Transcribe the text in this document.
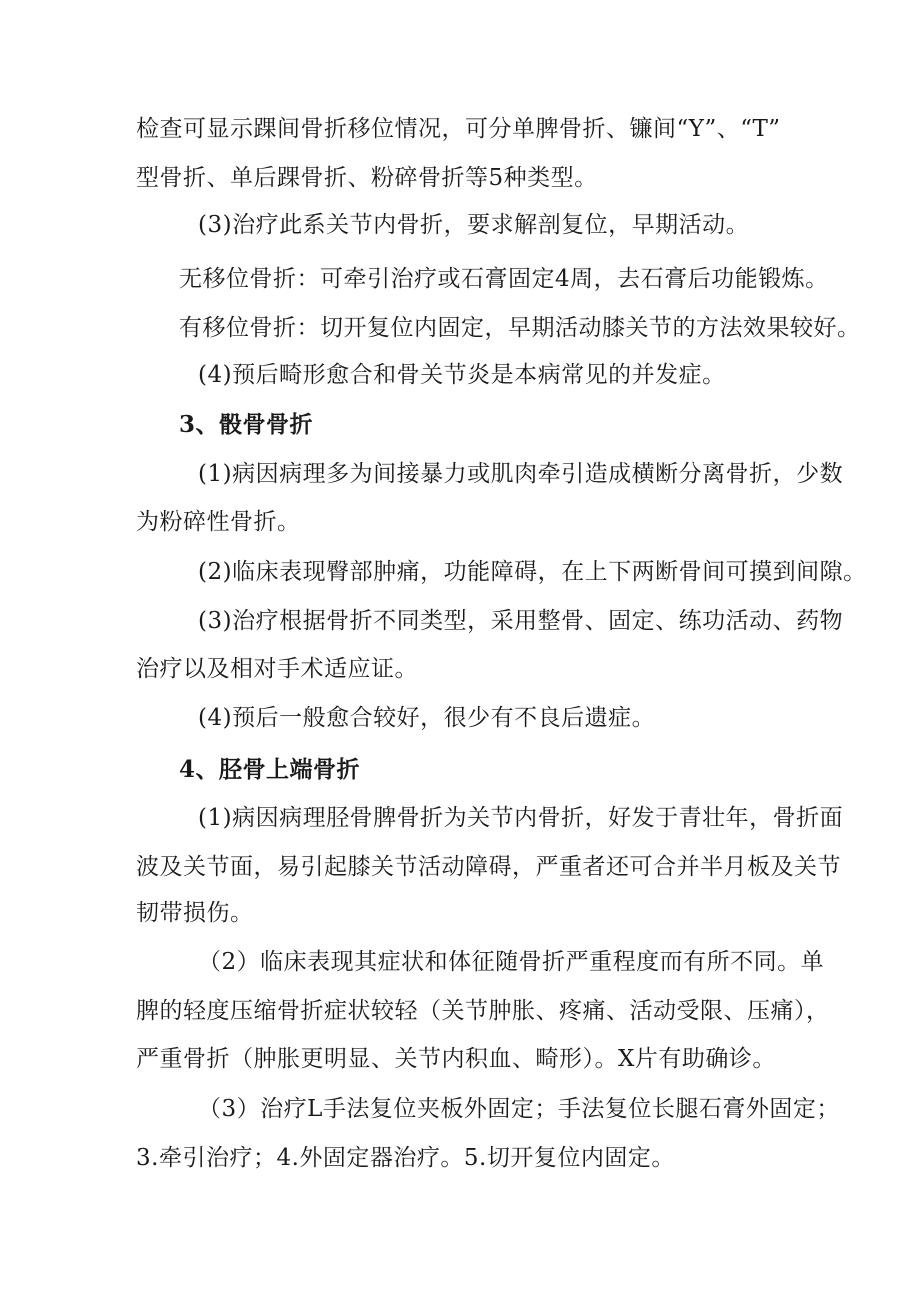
检查可显示踝间骨折移位情况，可分单脾骨折、镰间“Y”、“T”
型骨折、单后踝骨折、粉碎骨折等5种类型。
(3)治疗此系关节内骨折，要求解剖复位，早期活动。
无移位骨折：可牵引治疗或石膏固定4周，去石膏后功能锻炼。
有移位骨折：切开复位内固定，早期活动膝关节的方法效果较好。
(4)预后畸形愈合和骨关节炎是本病常见的并发症。
3、骰骨骨折
(1)病因病理多为间接暴力或肌肉牵引造成横断分离骨折，少数
为粉碎性骨折。
(2)临床表现臀部肿痛，功能障碍，在上下两断骨间可摸到间隙。
(3)治疗根据骨折不同类型，采用整骨、固定、练功活动、药物
治疗以及相对手术适应证。
(4)预后一般愈合较好，很少有不良后遗症。
4、胫骨上端骨折
(1)病因病理胫骨脾骨折为关节内骨折，好发于青壮年，骨折面
波及关节面，易引起膝关节活动障碍，严重者还可合并半月板及关节
韧带损伤。
（2）临床表现其症状和体征随骨折严重程度而有所不同。单
脾的轻度压缩骨折症状较轻（关节肿胀、疼痛、活动受限、压痛），
严重骨折（肿胀更明显、关节内积血、畸形）。X片有助确诊。
（3）治疗L手法复位夹板外固定；手法复位长腿石膏外固定；
3.牵引治疗；4.外固定器治疗。5.切开复位内固定。
